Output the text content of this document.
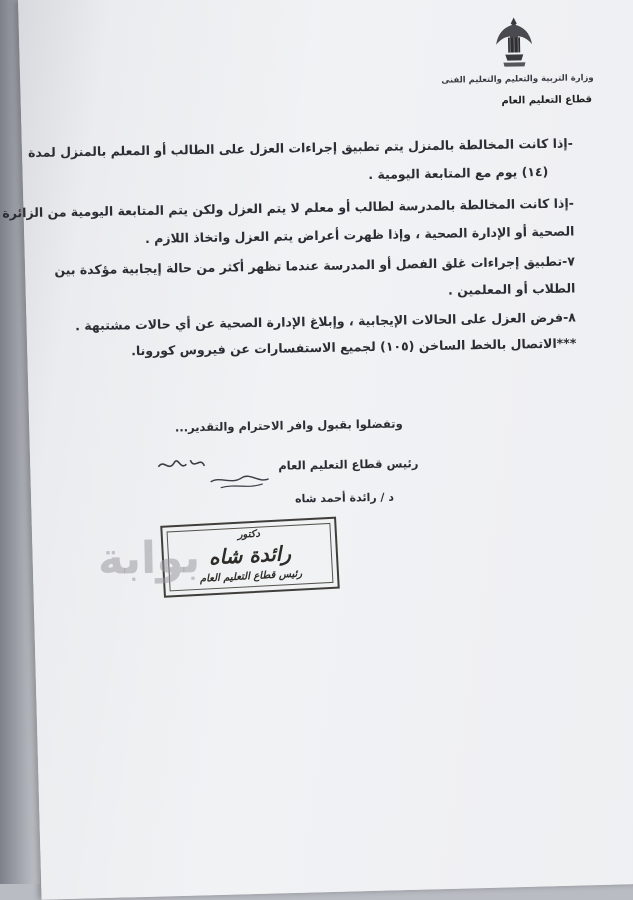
وزارة التربية والتعليم والتعليم الفنى
قطاع التعليم العام
-إذا كانت المخالطة بالمنزل يتم تطبيق إجراءات العزل على الطالب أو المعلم بالمنزل لمدة
(١٤) يوم مع المتابعة اليومية .
-إذا كانت المخالطة بالمدرسة لطالب أو معلم لا يتم العزل ولكن يتم المتابعة اليومية من الزائرة
الصحية أو الإدارة الصحية ، وإذا ظهرت أعراض يتم العزل واتخاذ اللازم .
٧-تطبيق إجراءات غلق الفصل أو المدرسة عندما تظهر أكثر من حالة إيجابية مؤكدة بين
الطلاب أو المعلمين .
٨-فرض العزل على الحالات الإيجابية ، وإبلاغ الإدارة الصحية عن أي حالات مشتبهة .
***الاتصال بالخط الساخن (١٠٥) لجميع الاستفسارات عن فيروس كورونا.
وتفضلوا بقبول وافر الاحترام والتقدير...
رئيس قطاع التعليم العام
د / رائدة أحمد شاه
دكتور
رائدة شاه
رئيس قطاع التعليم العام
بوابة
